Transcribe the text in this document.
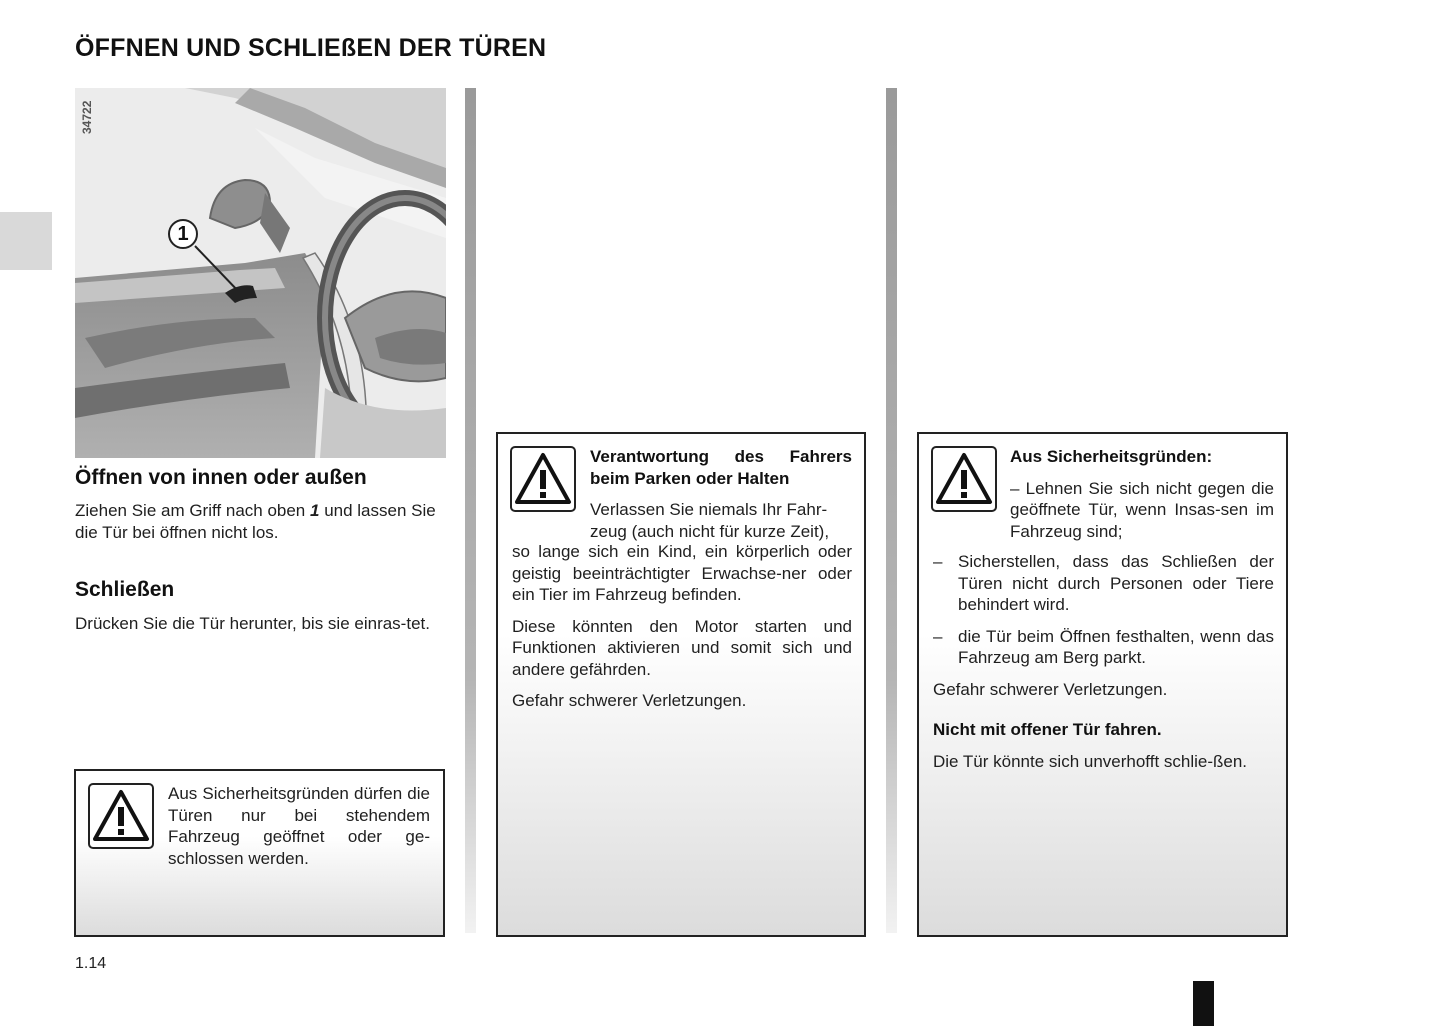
ÖFFNEN UND SCHLIEßEN DER TÜREN
34722
1
Öffnen von innen oder außen

Ziehen Sie am Griff nach oben 1 und lassen Sie die Tür bei öffnen nicht los.

Schließen

Drücken Sie die Tür herunter, bis sie einras-tet.

Aus Sicherheitsgründen dürfen die Türen nur bei stehendem Fahrzeug geöffnet oder ge-schlossen werden.

Verantwortung des Fahrers beim Parken oder Halten

Verlassen Sie niemals Ihr Fahr-

zeug (auch nicht für kurze Zeit),

so lange sich ein Kind, ein körperlich oder geistig beeinträchtigter Erwachse-ner oder ein Tier im Fahrzeug befinden.

Diese könnten den Motor starten und Funktionen aktivieren und somit sich und andere gefährden.

Gefahr schwerer Verletzungen.

Aus Sicherheitsgründen:

– Lehnen Sie sich nicht gegen die geöffnete Tür, wenn Insas-sen im Fahrzeug sind;

– Sicherstellen, dass das Schließen der Türen nicht durch Personen oder Tiere behindert wird.
– die Tür beim Öffnen festhalten, wenn das Fahrzeug am Berg parkt.

Gefahr schwerer Verletzungen.

Nicht mit offener Tür fahren.

Die Tür könnte sich unverhofft schlie-ßen.

1.14
